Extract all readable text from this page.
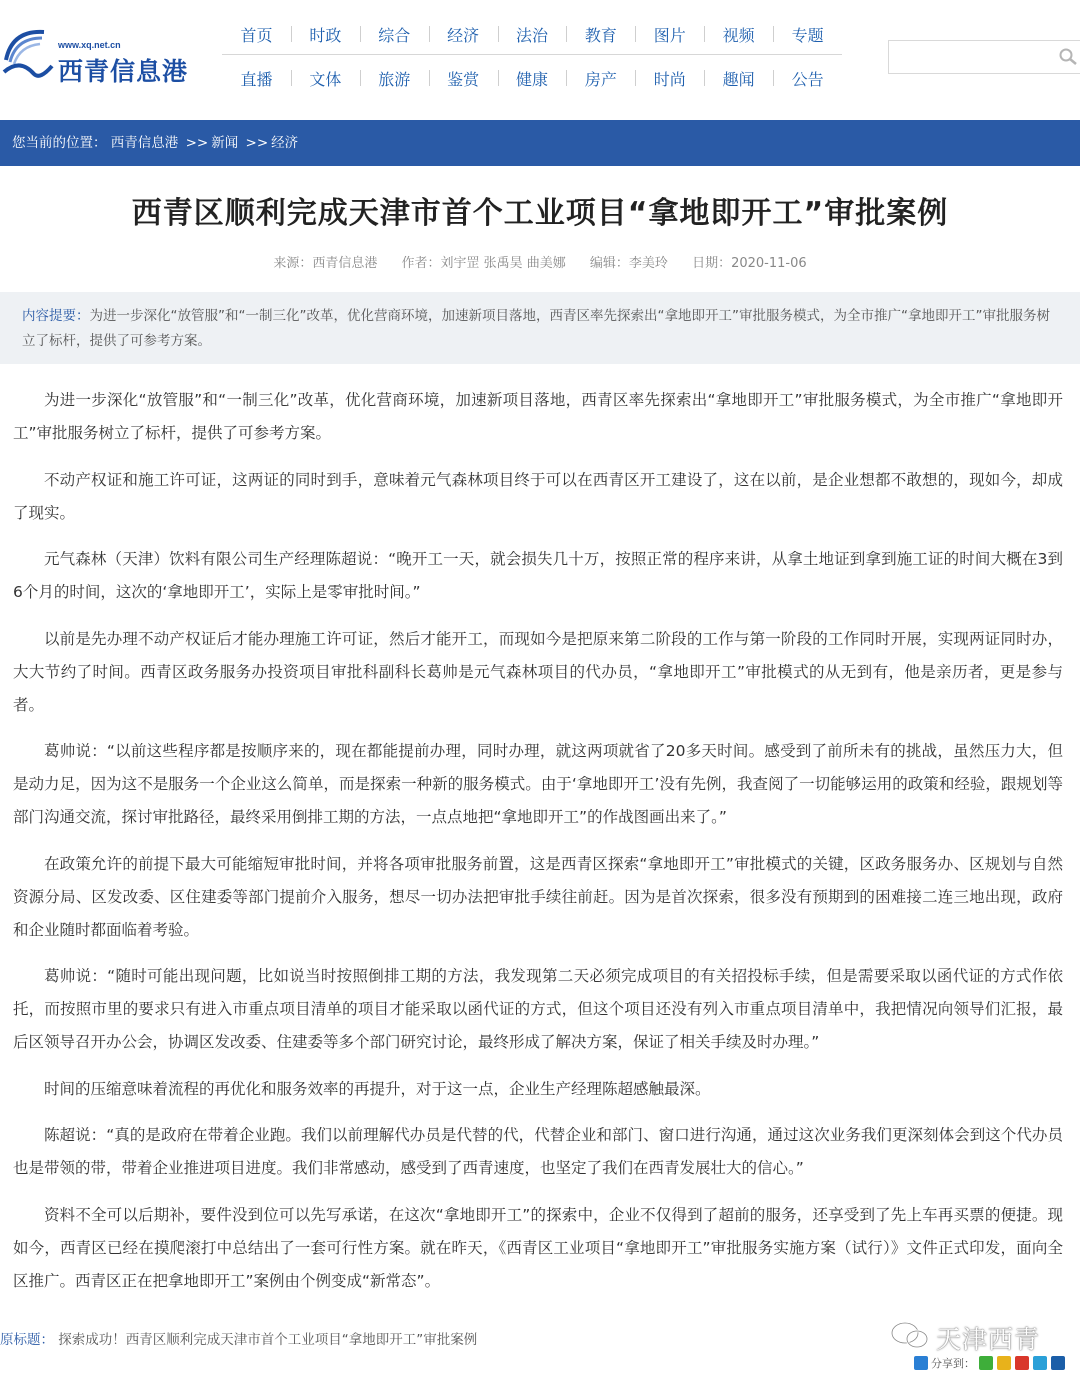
www.xq.net.cn
西青信息港
首页	时政	综合	经济	法治	教育	图片	视频	专题
直播	文体	旅游	鉴赏	健康	房产	时尚	趣闻	公告
您当前的位置： 西青信息港 >> 新闻 >> 经济
西青区顺利完成天津市首个工业项目“拿地即开工”审批案例
来源：西青信息港 作者：刘宇罡 张禹昊 曲美娜 编辑：李美玲 日期：2020-11-06
内容提要：为进一步深化“放管服”和“一制三化”改革，优化营商环境，加速新项目落地，西青区率先探索出“拿地即开工”审批服务模式，为全市推广“拿地即开工”审批服务树立了标杆，提供了可参考方案。

为进一步深化“放管服”和“一制三化”改革，优化营商环境，加速新项目落地，西青区率先探索出“拿地即开工”审批服务模式，为全市推广“拿地即开工”审批服务树立了标杆，提供了可参考方案。

不动产权证和施工许可证，这两证的同时到手，意味着元气森林项目终于可以在西青区开工建设了，这在以前，是企业想都不敢想的，现如今，却成了现实。

元气森林（天津）饮料有限公司生产经理陈超说：“晚开工一天，就会损失几十万，按照正常的程序来讲，从拿土地证到拿到施工证的时间大概在3到6个月的时间，这次的‘拿地即开工’，实际上是零审批时间。”

以前是先办理不动产权证后才能办理施工许可证，然后才能开工，而现如今是把原来第二阶段的工作与第一阶段的工作同时开展，实现两证同时办，大大节约了时间。西青区政务服务办投资项目审批科副科长葛帅是元气森林项目的代办员，“拿地即开工”审批模式的从无到有，他是亲历者，更是参与者。

葛帅说：“以前这些程序都是按顺序来的，现在都能提前办理，同时办理，就这两项就省了20多天时间。感受到了前所未有的挑战，虽然压力大，但是动力足，因为这不是服务一个企业这么简单，而是探索一种新的服务模式。由于‘拿地即开工’没有先例，我查阅了一切能够运用的政策和经验，跟规划等部门沟通交流，探讨审批路径，最终采用倒排工期的方法，一点点地把“拿地即开工”的作战图画出来了。”

在政策允许的前提下最大可能缩短审批时间，并将各项审批服务前置，这是西青区探索“拿地即开工”审批模式的关键，区政务服务办、区规划与自然资源分局、区发改委、区住建委等部门提前介入服务，想尽一切办法把审批手续往前赶。因为是首次探索，很多没有预期到的困难接二连三地出现，政府和企业随时都面临着考验。

葛帅说：“随时可能出现问题，比如说当时按照倒排工期的方法，我发现第二天必须完成项目的有关招投标手续，但是需要采取以函代证的方式作依托，而按照市里的要求只有进入市重点项目清单的项目才能采取以函代证的方式，但这个项目还没有列入市重点项目清单中，我把情况向领导们汇报，最后区领导召开办公会，协调区发改委、住建委等多个部门研究讨论，最终形成了解决方案，保证了相关手续及时办理。”

时间的压缩意味着流程的再优化和服务效率的再提升，对于这一点，企业生产经理陈超感触最深。

陈超说：“真的是政府在带着企业跑。我们以前理解代办员是代替的代，代替企业和部门、窗口进行沟通，通过这次业务我们更深刻体会到这个代办员也是带领的带，带着企业推进项目进度。我们非常感动，感受到了西青速度，也坚定了我们在西青发展壮大的信心。”

资料不全可以后期补，要件没到位可以先写承诺，在这次“拿地即开工”的探索中，企业不仅得到了超前的服务，还享受到了先上车再买票的便捷。现如今，西青区已经在摸爬滚打中总结出了一套可行性方案。就在昨天，《西青区工业项目“拿地即开工”审批服务实施方案（试行）》文件正式印发，面向全区推广。西青区正在把拿地即开工”案例由个例变成“新常态”。

原标题： 探索成功！西青区顺利完成天津市首个工业项目“拿地即开工”审批案例	天津西青
分享到：
